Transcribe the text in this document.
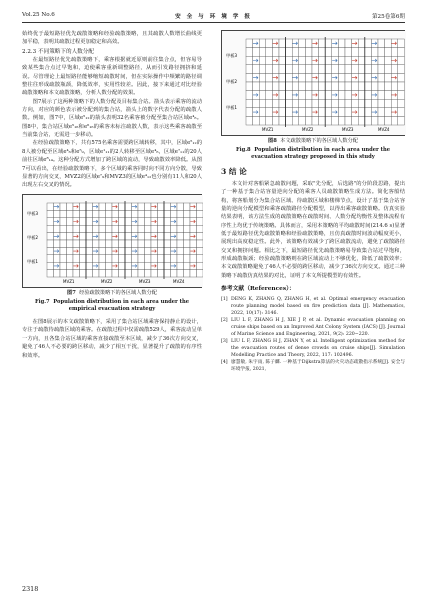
Vol.25 No.6	安 全 与 环 境 学 报	第25卷第6期

始终优于最短路径优先疏散策略和经验疏散策略，且其疏散人数增长曲线更加平稳，表明其疏散过程更加稳定和高效。

2.2.3 不同策略下的人数分配

在最短路径优先疏散策略下，乘客根据就近原则前往集合点，但容易导致某些集合点过早饱和，迫使乘客重新调整路径，从而引发路径拥挤和延误。尽管理论上最短路径能够缩短疏散时间，但在实际操作中频繁的路径调整往往形成疏散瓶颈，降低效率，实用性较差。因此，接下来通过对比经验疏散策略和本文疏散策略，分析人数分配的效果。

图7展示了这两种策略下的人数分配及目标集合站。箭头表示乘客的流动方向，对应的颜色表示被分配到的集合站，箭头上的数字代表分配的疏散人数。例如，图7中，区域e⁵₁₂的箭头表明32名乘客被分配至集合站区域e⁴₆。图8中，集合站区域e⁵₁₆和e⁶₁₆的乘客未标注疏散人数，表示这些乘客疏散至当前集合站，无需进一步移动。

在经验疏散策略下，共有575名乘客需要跨区域转移，其中，区域e⁵₁₂的8人被分配至区域e⁴₆和e⁵₉，区域e¹₁₁的2人转移至区域e⁴₆，区域e⁷₁₁的20人前往区域e⁸₁₄。这种分配方式增加了跨区域的流动，导致疏散效率降低。从图7可以看出，在经验疏散策略下，多个区域的乘客同时向不同方向分散，导致显著的方向交叉，MVZ2的区域e⁷₉和MVZ3的区域e⁴₁₂也分别有11人和20人出现左右交叉的情况。

甲板3
甲板2
甲板1
MVZ1	MVZ2	MVZ3	MVZ4
图7 经验疏散策略下的各区域人数分配
Fig.7 Population distribution in each area under the empirical evacuation strategy

在图8展示的本文疏散策略下，采用了集合站区域乘客保持静止的设计，专注于疏散待疏散区域的乘客。在疏散过程中仅需疏散529人，乘客流动呈单一方向，且各集合站区域的乘客直接疏散至本区域，减少了36次方向交叉，避免了46人不必要的跨区移动，减少了相互干扰，显著提升了疏散的有序性和效率。

甲板3
甲板2
甲板1
MVZ1	MVZ2	MVZ3	MVZ4
图8 本文疏散策略下的各区域人数分配
Fig.8 Population distribution in each area under the evacuation strategy proposed in this study
3 结 论

本文针对客船紧急疏散问题，采取"先分配，后选路"的分阶段思路，提出了一种基于集合站容量逆向分配的乘客人员疏散策略生成方法。简化客船结构，将客船划分为集合站区域、待疏散区域和楼梯节点，设计了基于集合站容量的逆向分配模型和乘客疏散路径分配模型，以得出乘客疏散策略。仿真实验结果表明，该方法生成的疏散策略在疏散时间、人数分配均衡性及整体流程有序性上均优于传统策略。具体而言，采用本策略的平均疏散时间(214.6 s)显著低于最短路径优先疏散策略和经验疏散策略，且仿真疏散时间波动幅度更小，展现出高度稳定性。此外，该策略有效减少了跨区疏散流动，避免了疏散路径交叉和拥挤问题。相比之下，最短路径优先疏散策略易导致集合站过早饱和，形成疏散瓶颈；经验疏散策略则在跨区域流动上不够优化，降低了疏散效率；本文疏散策略避免了46人不必要的跨区移动，减少了36次方向交叉。通过三种策略下疏散仿真结果的对比，证明了本文所提模型的有效性。

参考文献（References）：
[1] DENG K, ZHANG Q, ZHANG H, et al. Optimal emergency evacuation route planning model based on fire prediction data [J]. Mathematics, 2022, 10(17): 3146.
[2] LIU L F, ZHANG H J, XIE J P, et al. Dynamic evacuation planning on cruise ships based on an Improved Ant Colony System (IACS) [J]. Journal of Marine Science and Engineering, 2021, 9(2): 220−220.
[3] LIU L F, ZHANG H J, ZHAN Y, et al. Intelligent optimization method for the evacuation routes of dense crowds on cruise ships[J]. Simulation Modelling Practice and Theory, 2022, 117: 102496.
[4] 廖慧敏, 朱宇雨, 陈子麟. 一种基于Dijkstra算法的火灾动态疏散指示系统[J]. 安全与环境学报, 2021,
2318
